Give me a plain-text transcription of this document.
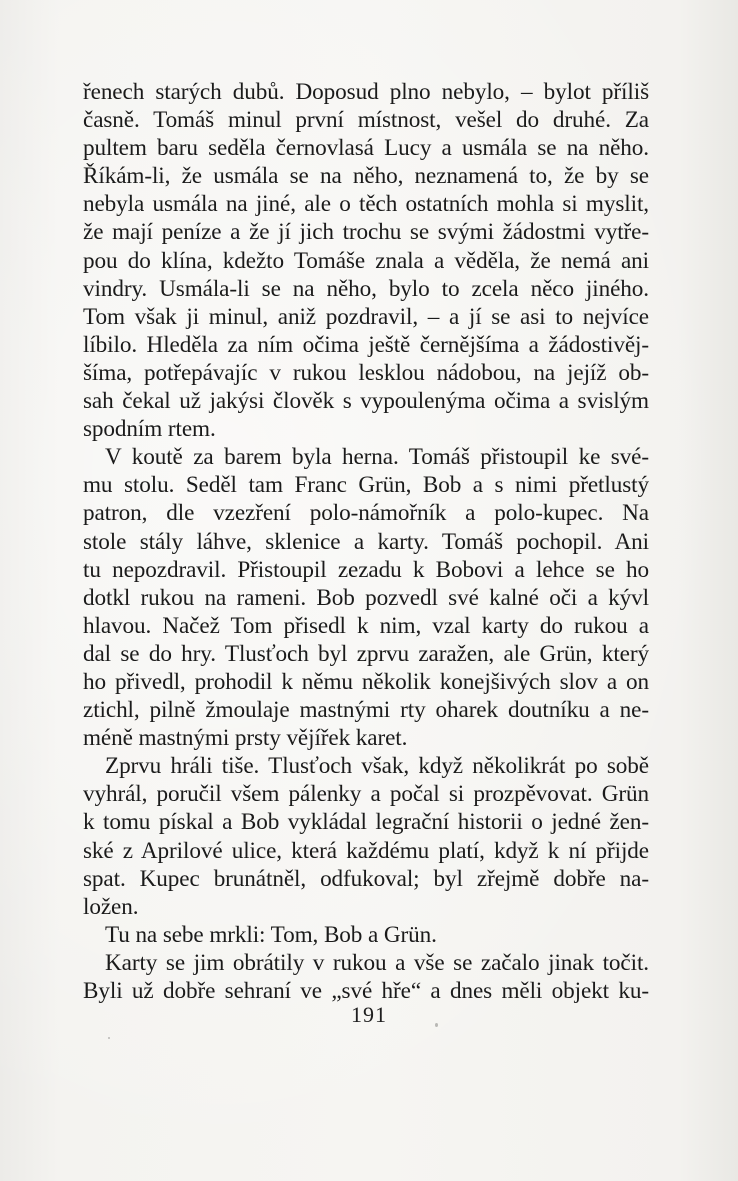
řenech starých dubů. Doposud plno nebylo, – bylot příliš
časně. Tomáš minul první místnost, vešel do druhé. Za
pultem baru seděla černovlasá Lucy a usmála se na něho.
Říkám-li, že usmála se na něho, neznamená to, že by se
nebyla usmála na jiné, ale o těch ostatních mohla si myslit,
že mají peníze a že jí jich trochu se svými žádostmi vytře-
pou do klína, kdežto Tomáše znala a věděla, že nemá ani
vindry. Usmála-li se na něho, bylo to zcela něco jiného.
Tom však ji minul, aniž pozdravil, – a jí se asi to nejvíce
líbilo. Hleděla za ním očima ještě černějšíma a žádostivěj-
šíma, potřepávajíc v rukou lesklou nádobou, na jejíž ob-
sah čekal už jakýsi člověk s vypoulenýma očima a svislým
spodním rtem.
V koutě za barem byla herna. Tomáš přistoupil ke své-
mu stolu. Seděl tam Franc Grün, Bob a s nimi přetlustý
patron, dle vzezření polo-námořník a polo-kupec. Na
stole stály láhve, sklenice a karty. Tomáš pochopil. Ani
tu nepozdravil. Přistoupil zezadu k Bobovi a lehce se ho
dotkl rukou na rameni. Bob pozvedl své kalné oči a kývl
hlavou. Načež Tom přisedl k nim, vzal karty do rukou a
dal se do hry. Tlusťoch byl zprvu zaražen, ale Grün, který
ho přivedl, prohodil k němu několik konejšivých slov a on
ztichl, pilně žmoulaje mastnými rty oharek doutníku a ne-
méně mastnými prsty vějířek karet.
Zprvu hráli tiše. Tlusťoch však, když několikrát po sobě
vyhrál, poručil všem pálenky a počal si prozpěvovat. Grün
k tomu pískal a Bob vykládal legrační historii o jedné žen-
ské z Aprilové ulice, která každému platí, když k ní přijde
spat. Kupec brunátněl, odfukoval; byl zřejmě dobře na-
ložen.
Tu na sebe mrkli: Tom, Bob a Grün.
Karty se jim obrátily v rukou a vše se začalo jinak točit.
Byli už dobře sehraní ve „své hře“ a dnes měli objekt ku-
191
